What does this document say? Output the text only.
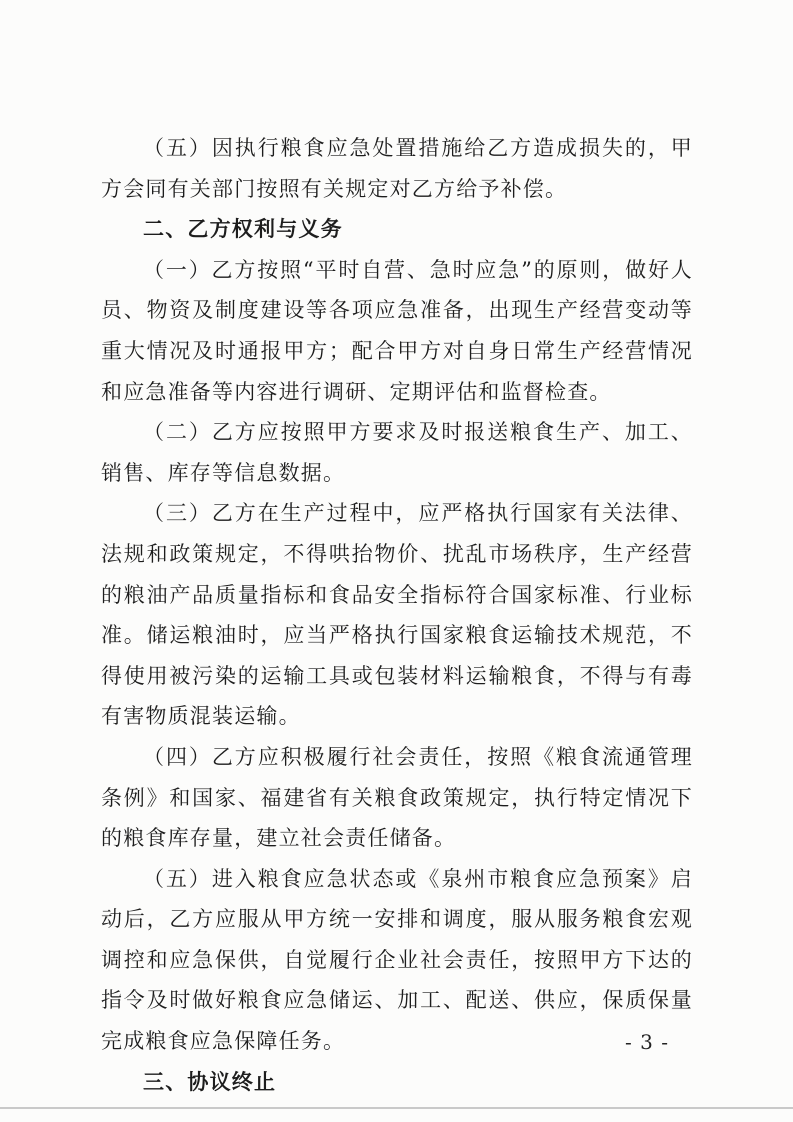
（五）因执行粮食应急处置措施给乙方造成损失的，甲方会同有关部门按照有关规定对乙方给予补偿。

二、乙方权利与义务

（一）乙方按照“平时自营、急时应急”的原则，做好人员、物资及制度建设等各项应急准备，出现生产经营变动等重大情况及时通报甲方；配合甲方对自身日常生产经营情况和应急准备等内容进行调研、定期评估和监督检查。

（二）乙方应按照甲方要求及时报送粮食生产、加工、销售、库存等信息数据。

（三）乙方在生产过程中，应严格执行国家有关法律、法规和政策规定，不得哄抬物价、扰乱市场秩序，生产经营的粮油产品质量指标和食品安全指标符合国家标准、行业标准。储运粮油时，应当严格执行国家粮食运输技术规范，不得使用被污染的运输工具或包装材料运输粮食，不得与有毒有害物质混装运输。

（四）乙方应积极履行社会责任，按照《粮食流通管理条例》和国家、福建省有关粮食政策规定，执行特定情况下的粮食库存量，建立社会责任储备。

（五）进入粮食应急状态或《泉州市粮食应急预案》启动后，乙方应服从甲方统一安排和调度，服从服务粮食宏观调控和应急保供，自觉履行企业社会责任，按照甲方下达的指令及时做好粮食应急储运、加工、配送、供应，保质保量完成粮食应急保障任务。

三、协议终止

- 3 -
